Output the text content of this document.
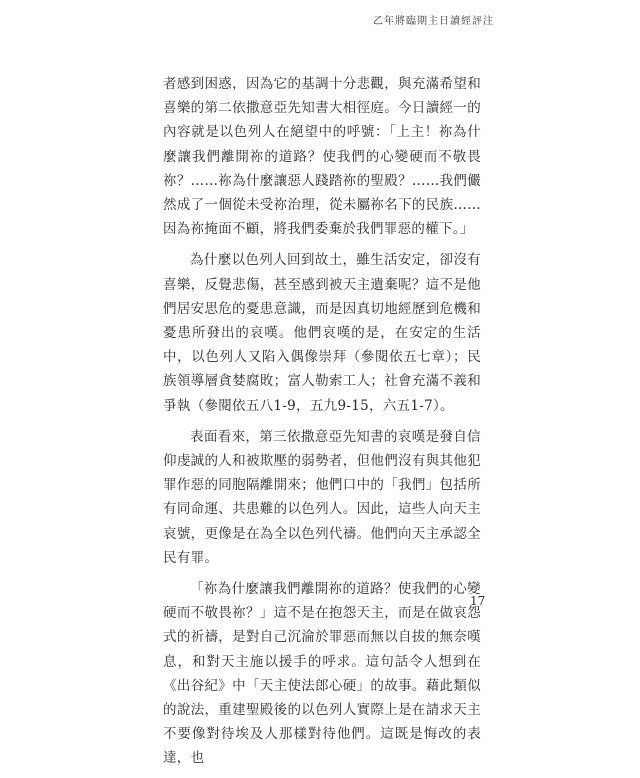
乙年將臨期主日讀經評注

者感到困惑，因為它的基調十分悲觀，與充滿希望和喜樂的第二依撒意亞先知書大相徑庭。今日讀經一的內容就是以色列人在絕望中的呼號：「上主！祢為什麼讓我們離開祢的道路？使我們的心變硬而不敬畏祢？……祢為什麼讓惡人踐踏祢的聖殿？……我們儼然成了一個從未受祢治理，從未屬祢名下的民族……因為祢掩面不顧，將我們委棄於我們罪惡的權下。」

為什麼以色列人回到故土，雖生活安定，卻沒有喜樂，反覺悲傷，甚至感到被天主遺棄呢？這不是他們居安思危的憂患意識，而是因真切地經歷到危機和憂患所發出的哀嘆。他們哀嘆的是，在安定的生活中，以色列人又陷入偶像崇拜（參閱依五七章）；民族領導層貪婪腐敗；富人勒索工人；社會充滿不義和爭執（參閱依五八1-9，五九9-15，六五1-7）。

表面看來，第三依撒意亞先知書的哀嘆是發自信仰虔誠的人和被欺壓的弱勢者，但他們沒有與其他犯罪作惡的同胞隔離開來；他們口中的「我們」包括所有同命運、共患難的以色列人。因此，這些人向天主哀號，更像是在為全以色列代禱。他們向天主承認全民有罪。

「祢為什麼讓我們離開祢的道路？使我們的心變硬而不敬畏祢？」這不是在抱怨天主，而是在做哀怨式的祈禱，是對自己沉淪於罪惡而無以自拔的無奈嘆息，和對天主施以援手的呼求。這句話令人想到在《出谷紀》中「天主使法郎心硬」的故事。藉此類似的說法，重建聖殿後的以色列人實際上是在請求天主不要像對待埃及人那樣對待他們。這既是悔改的表達，也

17
